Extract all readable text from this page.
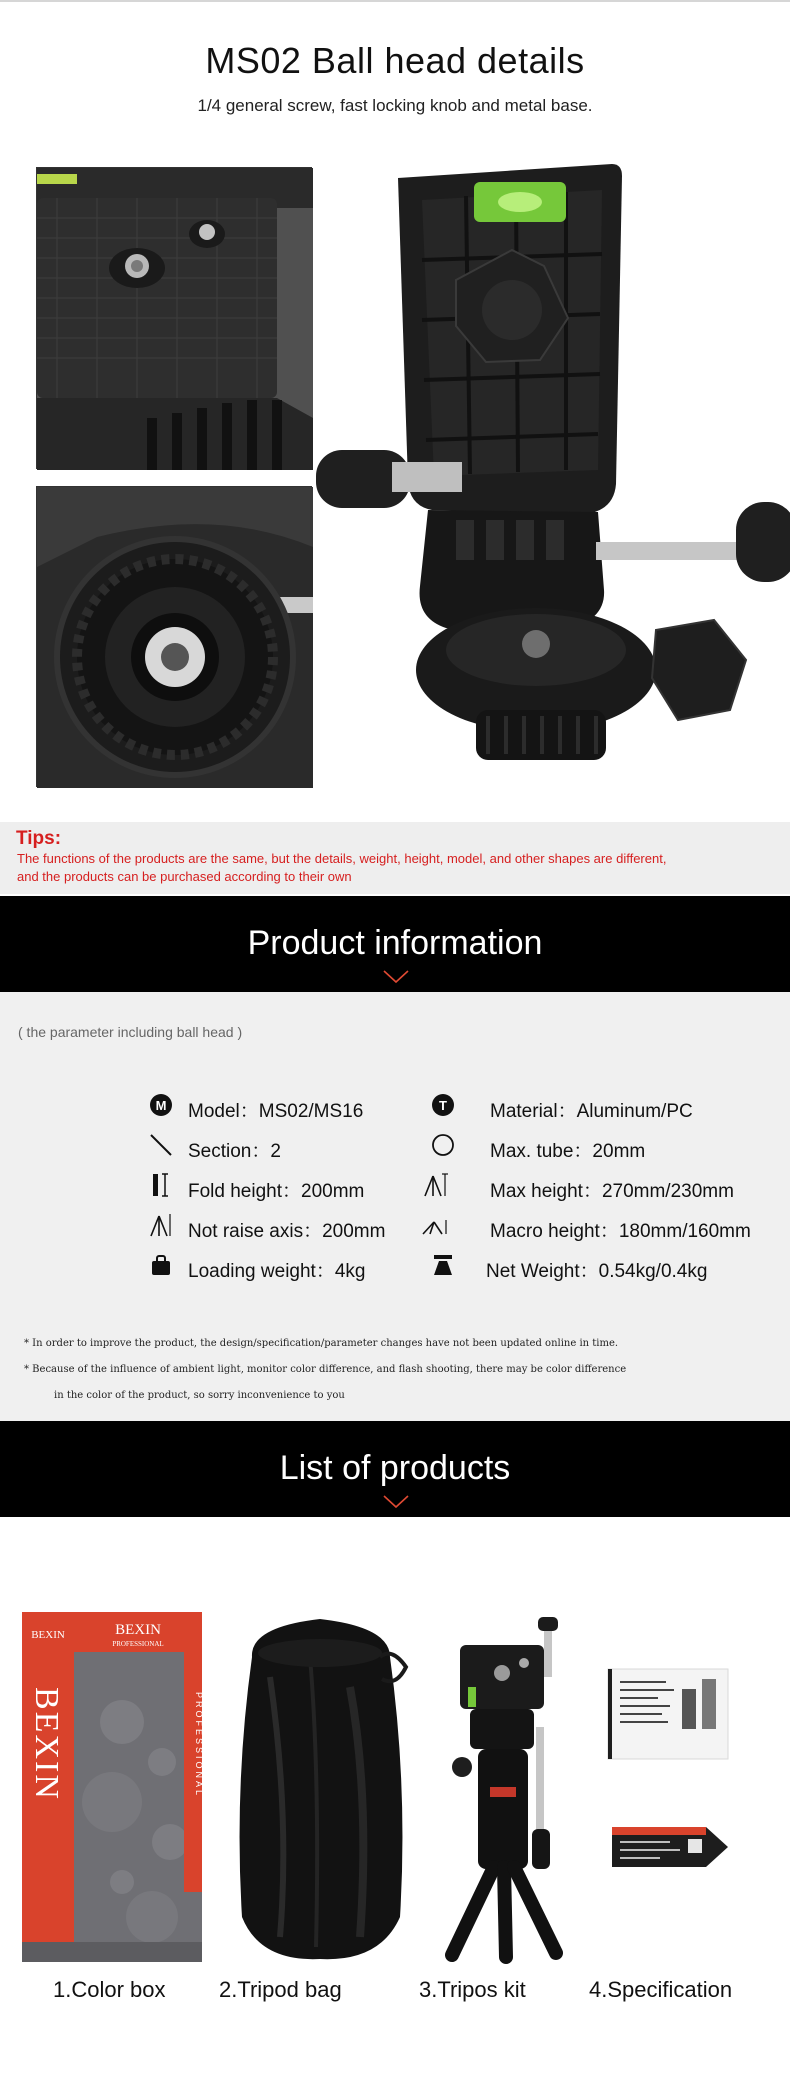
MS02 Ball head details
1/4 general screw, fast locking knob and metal base.
Tips:
The functions of the products are the same, but the details, weight, height, model, and other shapes are different,
and the products can be purchased according to their own
Product information
( the parameter including ball head )
M	T
Model：MS02/MS16	Material：Aluminum/PC
Section：2	Max. tube：20mm
Fold height：200mm	Max height：270mm/230mm
Not raise axis：200mm	Macro height：180mm/160mm
Loading weight：4kg	Net Weight：0.54kg/0.4kg
* In order to improve the product, the design/specification/parameter changes have not been updated online in time.
* Because of the influence of ambient light, monitor color difference, and flash shooting, there may be color difference
in the color of the product, so sorry inconvenience to you
List of products
BEXIN	BEXIN
PROFESSIONAL
BEXIN	PROFESSIONAL
1.Color box 2.Tripod bag	3.Tripos kit	4.Specification
